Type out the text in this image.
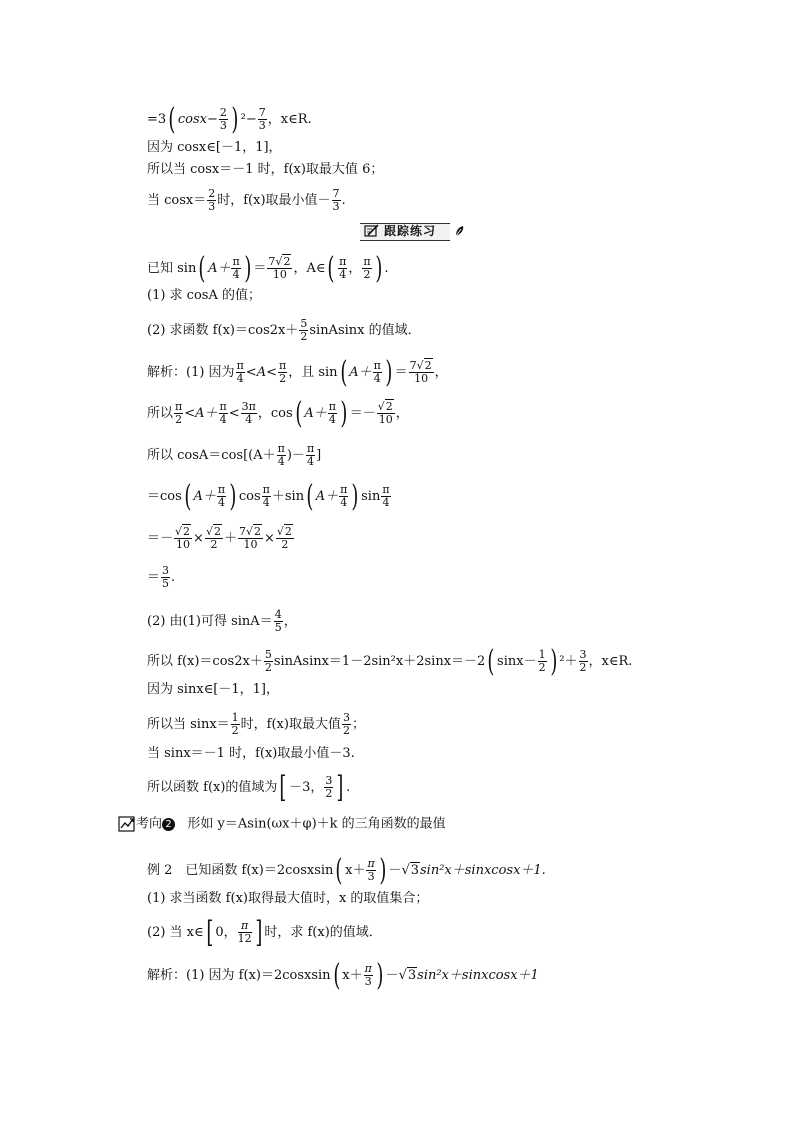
=3( $\cos x- \frac{2}{3}$ ) $^2- \frac{7}{3}$ ，x∈R.
因为 cosx∈[－1，1]，
所以当 cosx＝－1 时，f(x)取最大值 6；
当 $\cos x= \frac{2}{3}$ 时，f(x)取最小值－ $\frac{7}{3}$ .
跟踪练习
已知 sin( $A+ \frac{\pi}{4}$ ) ＝ $\frac{7√2}{10}$ ，A∈( $\frac{\pi}{4}$ ， $\frac{\pi}{2}$ ) .
(1) 求 cosA 的值；
(2) 求函数 $f(x)=\cos 2x+ \frac{5}{2}$ sinAsinx 的值域．
解析：(1) 因为 $\frac{\pi}{4} <A< \frac{\pi}{2}$ ，且 sin( $A+ \frac{\pi}{4}$ ) ＝ $\frac{7√2}{10}$ ，
所以 $\frac{\pi}{2} <A+ \frac{\pi}{4} < \frac{3\pi}{4}$ ，cos( $A+ \frac{\pi}{4}$ ) ＝－ $\frac{√2}{10}$ ，
所以 $\cos A=\cos[(A+ \frac{\pi}{4}$ )－ $\frac{\pi}{4}$ ]
＝cos( $A+ \frac{\pi}{4}$ ) $\cos \frac{\pi}{4} +\sin$( $A+ \frac{\pi}{4}$ ) $\sin \frac{\pi}{4}$
＝－ $\frac{√2}{10} \times \frac{√2}{2} + \frac{7√2}{10} \times \frac{√2}{2}$
＝ $\frac{3}{5}$ .
(2) 由(1)可得 $\sin A= \frac{4}{5}$ ，
所以 $f(x)=\cos 2x+ \frac{5}{2}$ sinAsinx＝1－2sin²x＋2sinx＝－2( $\sin x- \frac{1}{2}$ ) $^2+ \frac{3}{2}$ ，x∈R.
因为 sinx∈[－1，1]，
所以当 $\sin x= \frac{1}{2}$ 时，f(x)取最大值 $\frac{3}{2}$ ；
当 sinx＝－1 时，f(x)取最小值－3.
所以函数 f(x)的值域为[ －3， $\frac{3}{2}$ ] .
考向 2 形如 y＝Asin(ωx＋φ)＋k 的三角函数的最值
例 2　已知函数 f(x)＝2cosxsin( $x+ \frac{\pi}{3}$ ) －√3sin²x＋sinxcosx＋1.
(1) 求当函数 f(x)取得最大值时，x 的取值集合；
(2) 当 x∈[ 0， $\frac{\pi}{12}$ ] 时，求 f(x)的值域．
解析：(1) 因为 f(x)＝2cosxsin( $x+ \frac{\pi}{3}$ ) －√3sin²x＋sinxcosx＋1
